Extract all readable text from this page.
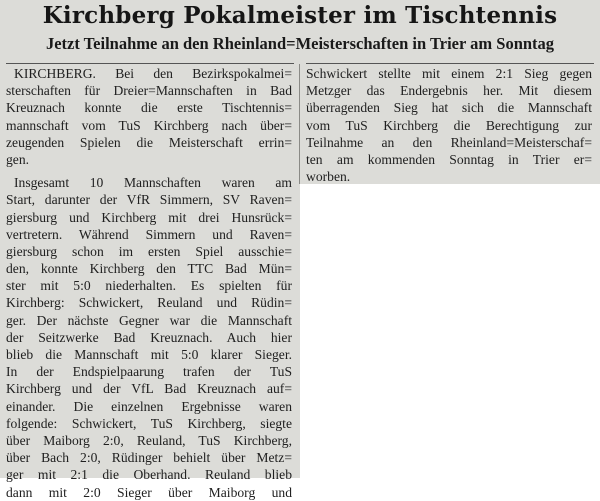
Kirchberg Pokalmeister im Tischtennis
Jetzt Teilnahme an den Rheinland=Meisterschaften in Trier am Sonntag
KIRCHBERG. Bei den Bezirkspokalmei=
sterschaften für Dreier=Mannschaften in Bad
Kreuznach konnte die erste Tischtennis=
mannschaft vom TuS Kirchberg nach über=
zeugenden Spielen die Meisterschaft errin=
gen.
Insgesamt 10 Mannschaften waren am
Start, darunter der VfR Simmern, SV Raven=
giersburg und Kirchberg mit drei Hunsrück=
vertretern. Während Simmern und Raven=
giersburg schon im ersten Spiel ausschie=
den, konnte Kirchberg den TTC Bad Mün=
ster mit 5:0 niederhalten. Es spielten für
Kirchberg: Schwickert, Reuland und Rüdin=
ger. Der nächste Gegner war die Mannschaft
der Seitzwerke Bad Kreuznach. Auch hier
blieb die Mannschaft mit 5:0 klarer Sieger.
In der Endspielpaarung trafen der TuS
Kirchberg und der VfL Bad Kreuznach auf=
einander. Die einzelnen Ergebnisse waren
folgende: Schwickert, TuS Kirchberg, siegte
über Maiborg 2:0, Reuland, TuS Kirchberg,
über Bach 2:0, Rüdinger behielt über Metz=
ger mit 2:1 die Oberhand. Reuland blieb
dann mit 2:0 Sieger über Maiborg und
Schwickert stellte mit einem 2:1 Sieg gegen
Metzger das Endergebnis her. Mit diesem
überragenden Sieg hat sich die Mannschaft
vom TuS Kirchberg die Berechtigung zur
Teilnahme an den Rheinland=Meisterschaf=
ten am kommenden Sonntag in Trier er=
worben.
